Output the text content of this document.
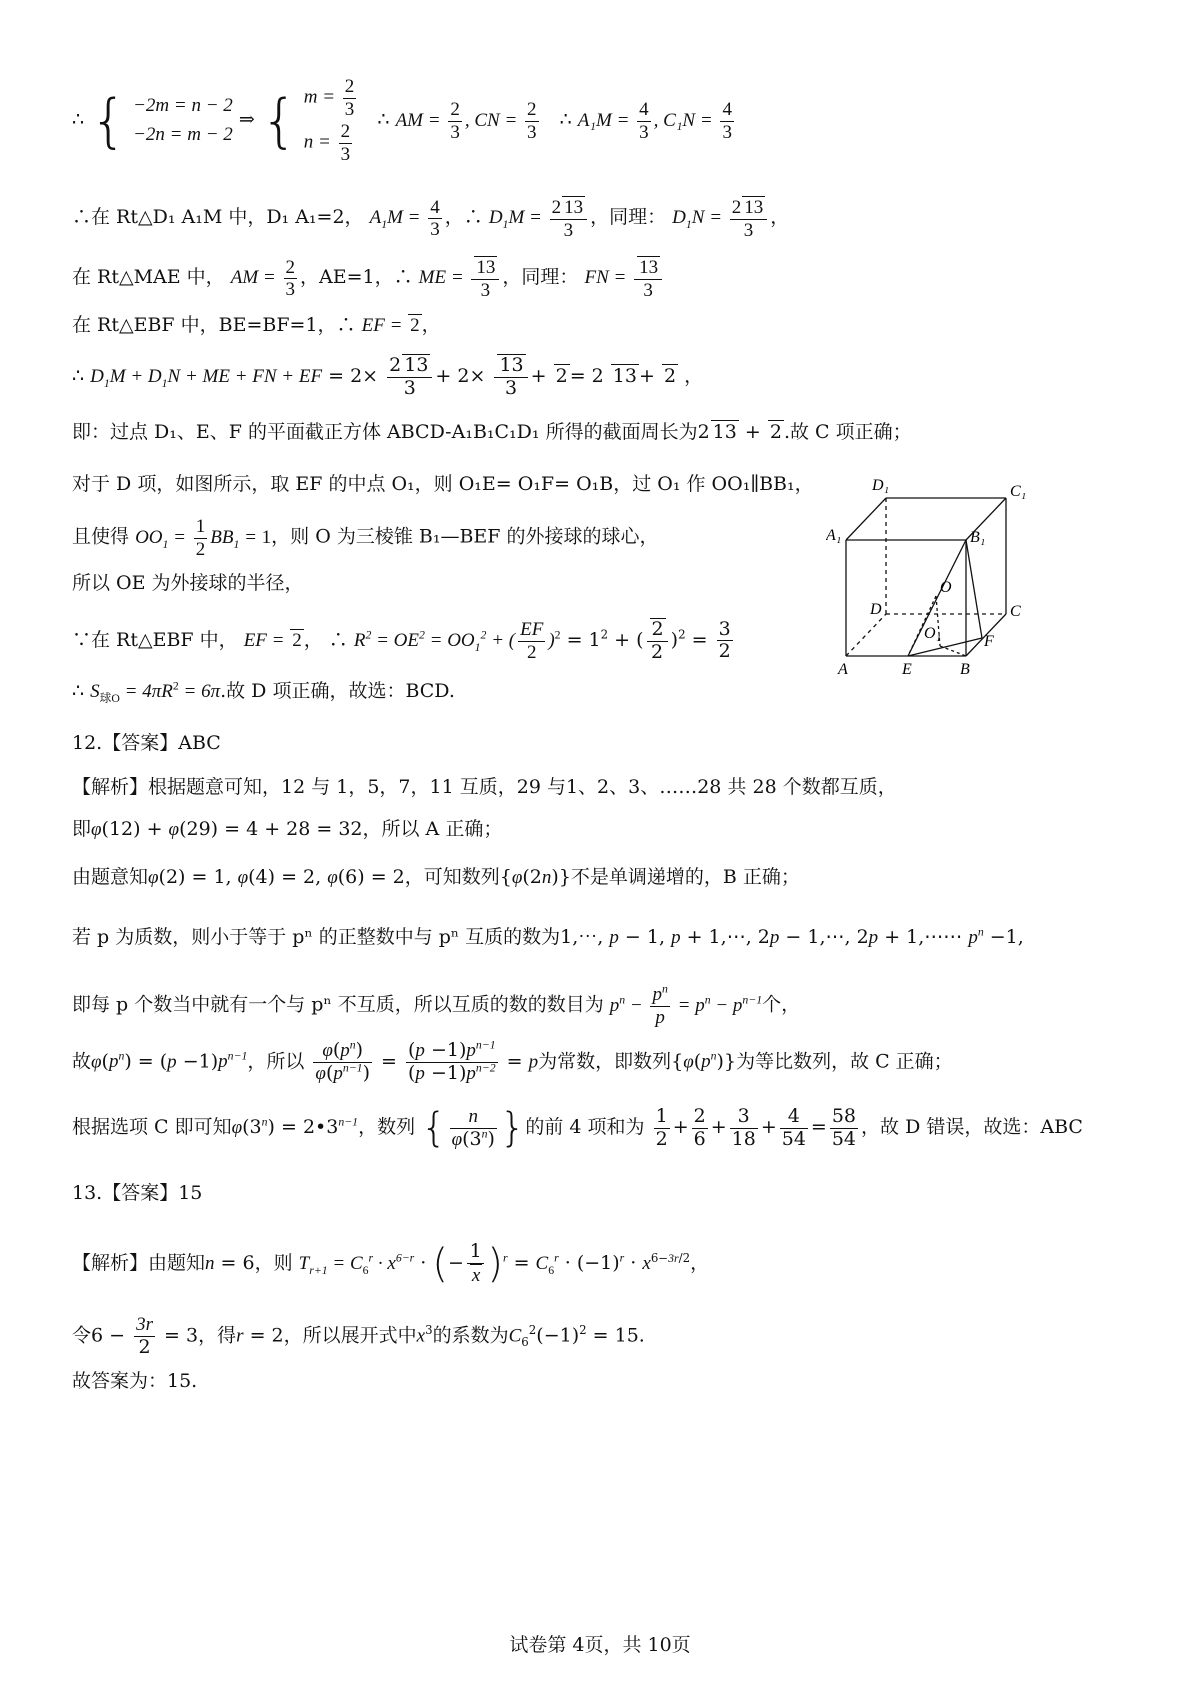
∴ { −2m = n − 2
−2n = m − 2
⇒ { $m = \frac{2}{3}$
$n = \frac{2}{3}$
∴ AM = $\frac{2}{3}$ , CN = $\frac{2}{3}$ ∴ $A_1M = \frac{4}{3}$ , $C_1N = \frac{4}{3}$
∴在 Rt△D₁ A₁M 中，D₁ A₁=2， $A_1M = \frac{4}{3}$ ，∴ $D_1M = \frac{2 13}{3}$ ，同理： $D_1N = \frac{2 13}{3}$ ，
在 Rt△MAE 中， AM = $\frac{2}{3}$ ，AE=1，∴ ME = $\frac{13}{3}$ ，同理： FN = $\frac{13}{3}$
在 Rt△EBF 中，BE=BF=1，∴ EF = 2 ，
∴ $D_1M + D_1N$ + ME + FN + EF = $2\times \frac{2 13}{3} + 2\times \frac{13}{3} + 2 = 2$ 13 + 2 ，
即：过点 D₁、E、F 的平面截正方体 ABCD-A₁B₁C₁D₁ 所得的截面周长为2 13 + 2 .故 C 项正确；
对于 D 项，如图所示，取 EF 的中点 O₁，则 O₁E= O₁F= O₁B，过 O₁ 作 OO₁∥BB₁，
且使得 $OO_1 = \frac{1}{2} BB_1 = 1$，则 O 为三棱锥 B₁—BEF 的外接球的球心，
所以 OE 为外接球的半径，
∵在 Rt△EBF 中， EF = 2 ， ∴ $R^2 = OE^2 = OO_1^2$ + ( $\frac{EF}{2} )^2 = 1^2$ + ( $\frac{2}{2} )^2 = \frac{3}{2}$
∴ $S_{球O} = 4\pi R^2 = 6\pi$.故 D 项正确，故选：BCD.
D₁	C₁
A₁	B₁
O
D	C
O₁	F
A	E	B
12.【答案】ABC
【解析】根据题意可知，12 与 1，5，7，11 互质，29 与1、2、3、……28 共 28 个数都互质，
即φ(12) + φ(29) = 4 + 28 = 32，所以 A 正确；
由题意知φ(2) = 1, φ(4) = 2, φ(6) = 2，可知数列{φ(2n)}不是单调递增的，B 正确；
若 p 为质数，则小于等于 pⁿ 的正整数中与 pⁿ 互质的数为1,⋯, p − 1, p + 1,⋯, 2p − 1,⋯, 2p + 1,⋯⋯ $p^n -1$,
即每 p 个数当中就有一个与 pⁿ 不互质，所以互质的数的数目为 $p^n - \frac{p^n}{p} = p^n - p^{n-1}$个，
故$\varphi(p^n) = (p -1)p^{n-1}$，所以 $\frac{\varphi(p^n)}{\varphi(p^{n-1})} = \frac{(p -1)p^{n-1}}{(p -1)p^{n-2}} = p$为常数，即数列$\{\varphi(p^n)\}$为等比数列，故 C 正确；
根据选项 C 即可知$\varphi(3^n)$ = $2•3^{n-1}$，数列 { $\frac{n}{\varphi(3^n)}$ }的前 4 项和为 $\frac{1}{2} + \frac{2}{6} + \frac{3}{18} + \frac{4}{54} = \frac{58}{54}$ ，故 D 错误，故选：ABC
13.【答案】15
【解析】由题知n = 6，则 $T_{r+1} = C_6^r \cdot x^{6-r}$ · (− $\frac{1}{x} )^r = C_6^r \cdot (-1)^r \cdot x^{6-3r/2}$，
令$6 - \frac{3r}{2} = 3$，得r = 2，所以展开式中$x^3$的系数为$C_6^2(-1)^2 = 15$.
故答案为：15.
试卷第 4页，共 10页
